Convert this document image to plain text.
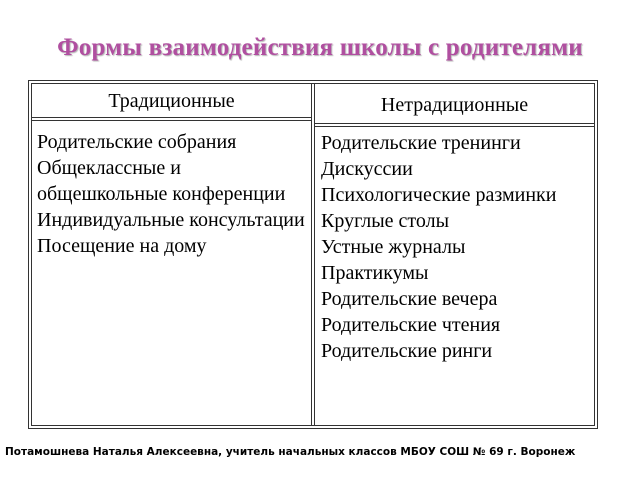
Формы взаимодействия школы с родителями
Традиционные	Нетрадиционные
Родительские собрания
Общеклассные и общешкольные конференции
Индивидуальные консультации
Посещение на дому
Родительские тренинги
Дискуссии
Психологические разминки
Круглые столы
Устные журналы
Практикумы
Родительские вечера
Родительские чтения
Родительские ринги
Потамошнева Наталья Алексеевна, учитель начальных классов МБОУ СОШ № 69 г. Воронеж
